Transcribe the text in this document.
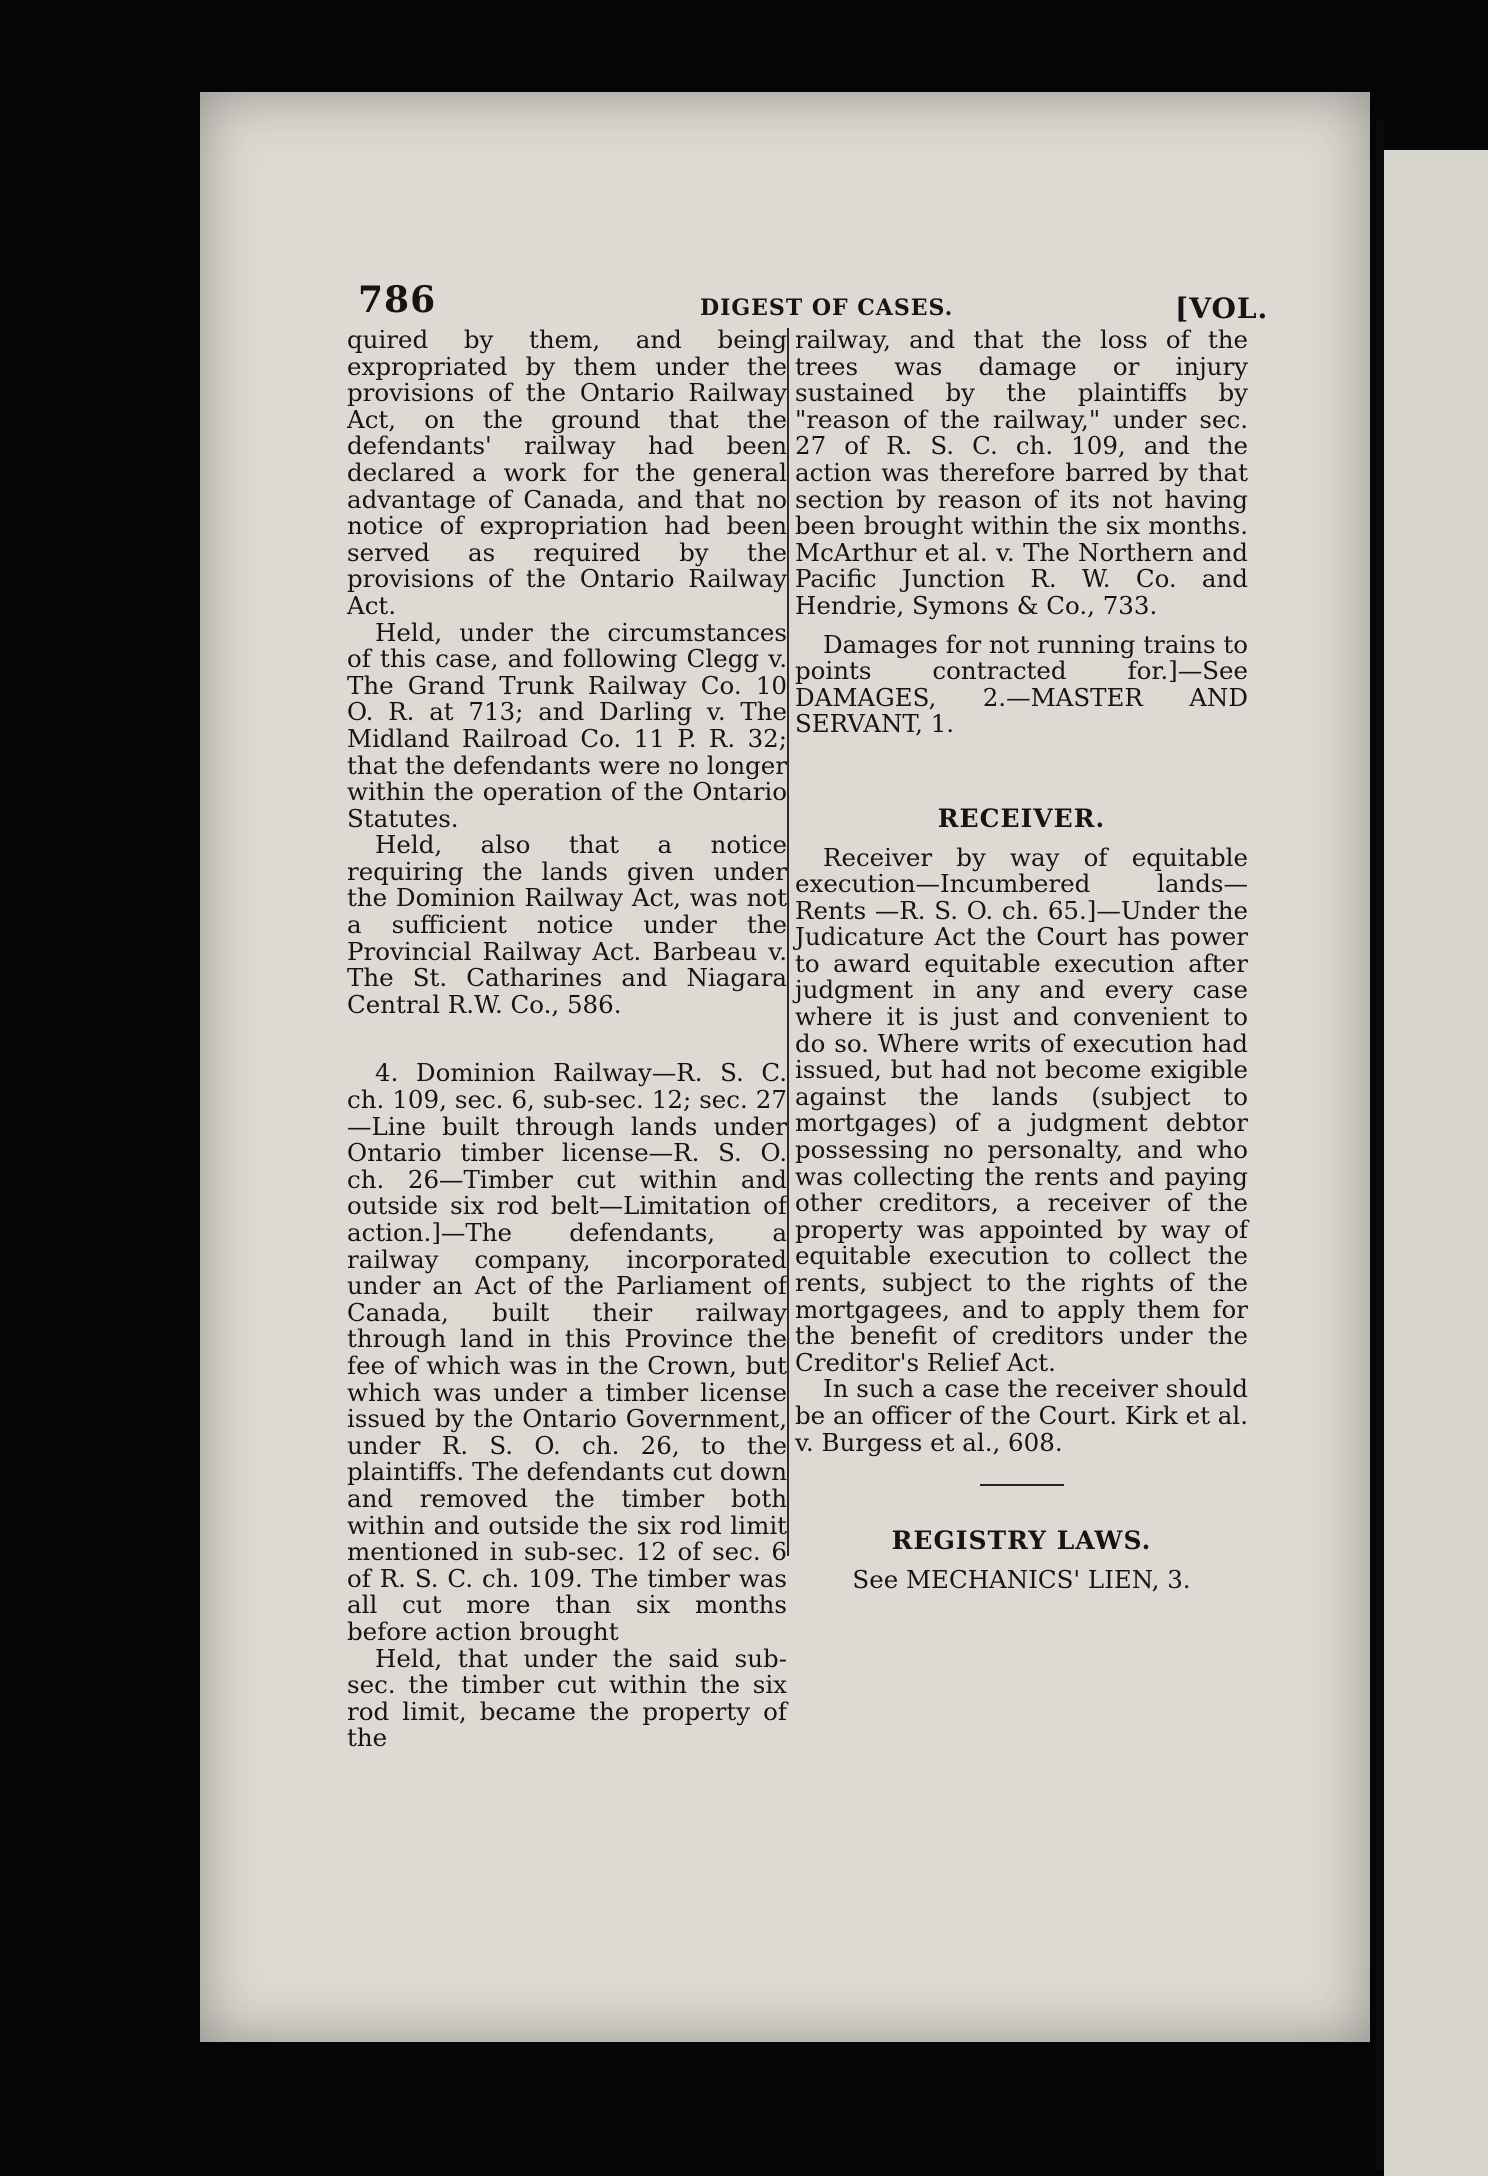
786	DIGEST OF CASES.	[VOL.

quired by them, and being expropriated by them under the provisions of the Ontario Railway Act, on the ground that the defendants' railway had been declared a work for the general advantage of Canada, and that no notice of expropriation had been served as required by the provisions of the Ontario Railway Act.

Held, under the circumstances of this case, and following Clegg v. The Grand Trunk Railway Co. 10 O. R. at 713; and Darling v. The Midland Railroad Co. 11 P. R. 32; that the defendants were no longer within the operation of the Ontario Statutes.

Held, also that a notice requiring the lands given under the Dominion Railway Act, was not a sufficient notice under the Provincial Railway Act. Barbeau v. The St. Catharines and Niagara Central R.W. Co., 586.

4. Dominion Railway—R. S. C. ch. 109, sec. 6, sub-sec. 12; sec. 27—Line built through lands under Ontario timber license—R. S. O. ch. 26—Timber cut within and outside six rod belt—Limitation of action.]—The defendants, a railway company, incorporated under an Act of the Parliament of Canada, built their railway through land in this Province the fee of which was in the Crown, but which was under a timber license issued by the Ontario Government, under R. S. O. ch. 26, to the plaintiffs. The defendants cut down and removed the timber both within and outside the six rod limit mentioned in sub-sec. 12 of sec. 6 of R. S. C. ch. 109. The timber was all cut more than six months before action brought

Held, that under the said sub-sec. the timber cut within the six rod limit, became the property of the

railway, and that the loss of the trees was damage or injury sustained by the plaintiffs by "reason of the railway," under sec. 27 of R. S. C. ch. 109, and the action was therefore barred by that section by reason of its not having been brought within the six months. McArthur et al. v. The Northern and Pacific Junction R. W. Co. and Hendrie, Symons & Co., 733.

Damages for not running trains to points contracted for.]—See DAMAGES, 2.—MASTER AND SERVANT, 1.

RECEIVER.

Receiver by way of equitable execution—Incumbered lands— Rents —R. S. O. ch. 65.]—Under the Judicature Act the Court has power to award equitable execution after judgment in any and every case where it is just and convenient to do so. Where writs of execution had issued, but had not become exigible against the lands (subject to mortgages) of a judgment debtor possessing no personalty, and who was collecting the rents and paying other creditors, a receiver of the property was appointed by way of equitable execution to collect the rents, subject to the rights of the mortgagees, and to apply them for the benefit of creditors under the Creditor's Relief Act.

In such a case the receiver should be an officer of the Court. Kirk et al. v. Burgess et al., 608.

REGISTRY LAWS.

See MECHANICS' LIEN, 3.
